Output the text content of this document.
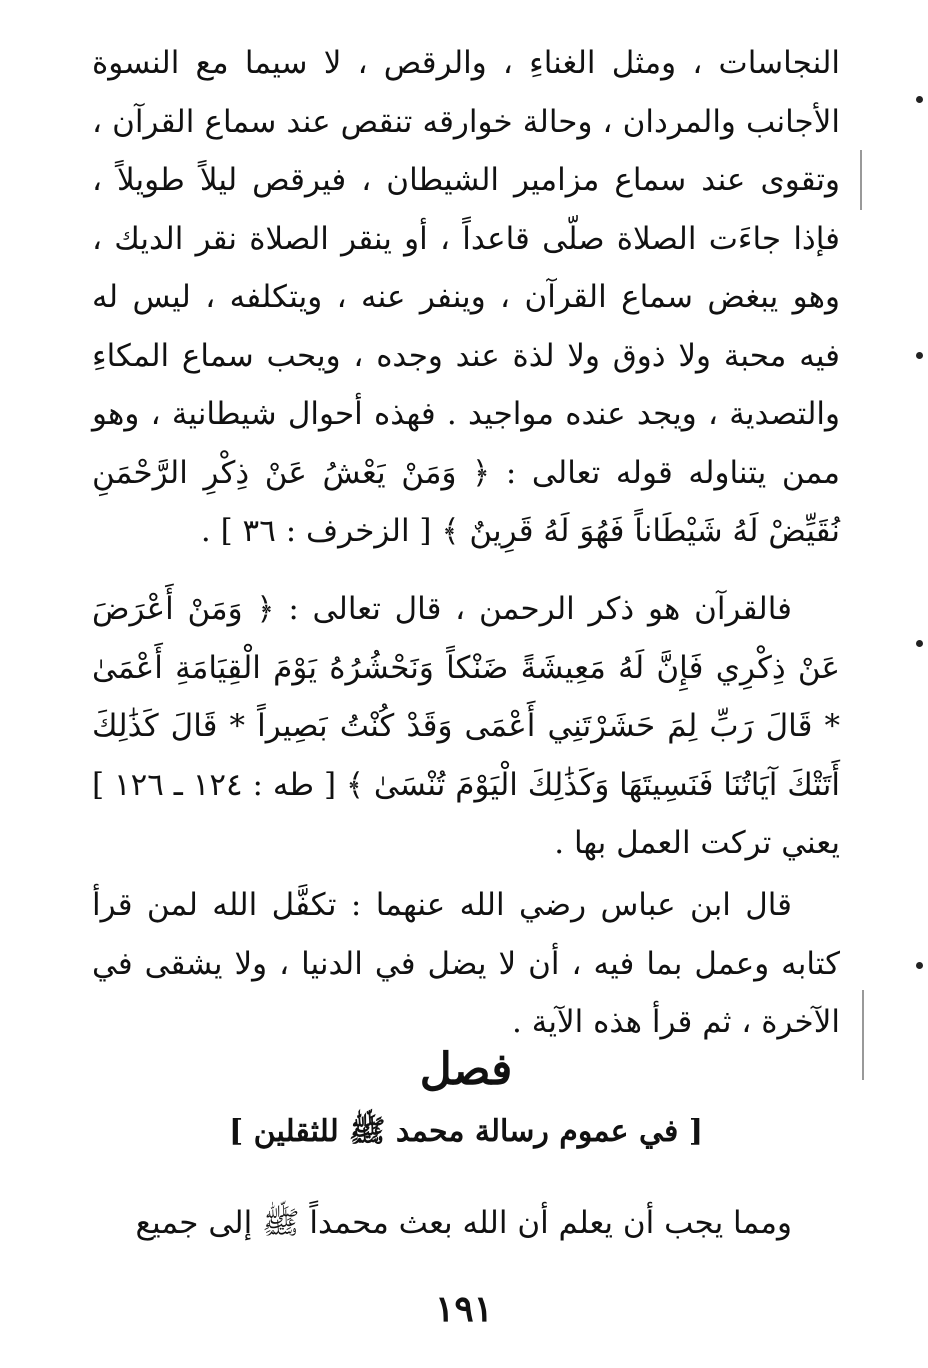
النجاسات ، ومثل الغناءِ ، والرقص ، لا سيما مع النسوة الأجانب والمردان ، وحالة خوارقه تنقص عند سماع القرآن ، وتقوى عند سماع مزامير الشيطان ، فيرقص ليلاً طويلاً ، فإذا جاءَت الصلاة صلّى قاعداً ، أو ينقر الصلاة نقر الديك ، وهو يبغض سماع القرآن ، وينفر عنه ، ويتكلفه ، ليس له فيه محبة ولا ذوق ولا لذة عند وجده ، ويحب سماع المكاءِ والتصدية ، ويجد عنده مواجيد . فهذه أحوال شيطانية ، وهو ممن يتناوله قوله تعالى : ﴿ وَمَنْ يَعْشُ عَنْ ذِكْرِ الرَّحْمَنِ نُقَيِّضْ لَهُ شَيْطَاناً فَهُوَ لَهُ قَرِينٌ ﴾ [ الزخرف : ٣٦ ] .

فالقرآن هو ذكر الرحمن ، قال تعالى : ﴿ وَمَنْ أَعْرَضَ عَنْ ذِكْرِي فَإِنَّ لَهُ مَعِيشَةً ضَنْكاً وَنَحْشُرُهُ يَوْمَ الْقِيَامَةِ أَعْمَىٰ * قَالَ رَبِّ لِمَ حَشَرْتَنِي أَعْمَى وَقَدْ كُنْتُ بَصِيراً * قَالَ كَذَٰلِكَ أَتَتْكَ آيَاتُنَا فَنَسِيتَهَا وَكَذَٰلِكَ الْيَوْمَ تُنْسَىٰ ﴾ [ طه : ١٢٤ ـ ١٢٦ ] يعني تركت العمل بها .

قال ابن عباس رضي الله عنهما : تكفَّل الله لمن قرأ كتابه وعمل بما فيه ، أن لا يضل في الدنيا ، ولا يشقى في الآخرة ، ثم قرأ هذه الآية .

فصل
[ في عموم رسالة محمد ﷺ للثقلين ]

ومما يجب أن يعلم أن الله بعث محمداً ﷺ إلى جميع

١٩١
